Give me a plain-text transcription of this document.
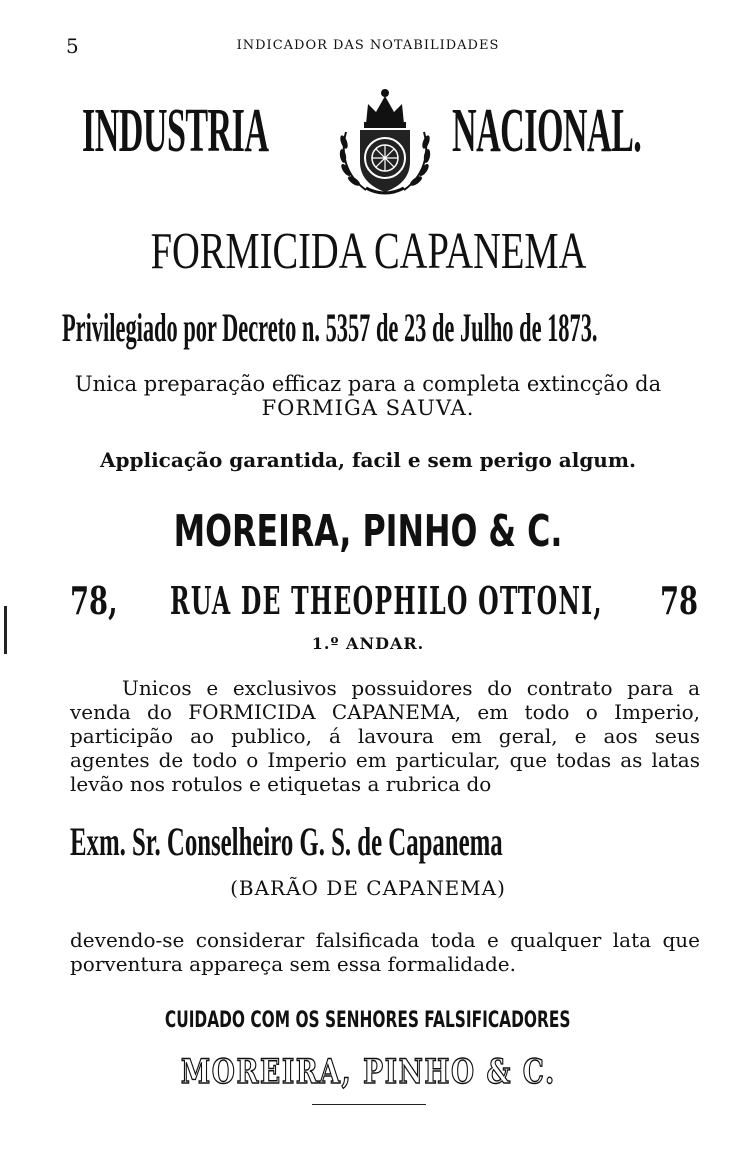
5	INDICADOR DAS NOTABILIDADES
INDUSTRIA	NACIONAL.
FORMICIDA CAPANEMA
Privilegiado por Decreto n. 5357 de 23 de Julho de 1873.
Unica preparação efficaz para a completa extincção da
FORMIGA SAUVA.
Applicação garantida, facil e sem perigo algum.
MOREIRA, PINHO & C.
78, RUA DE THEOPHILO OTTONI, 78
1.º ANDAR.
Unicos e exclusivos possuidores do contrato para a
venda do FORMICIDA CAPANEMA, em todo o Imperio,
participão ao publico, á lavoura em geral, e aos seus
agentes de todo o Imperio em particular, que todas as latas
levão nos rotulos e etiquetas a rubrica do
Exm. Sr. Conselheiro G. S. de Capanema
(BARÃO DE CAPANEMA)
devendo-se considerar falsificada toda e qualquer lata que
porventura appareça sem essa formalidade.
CUIDADO COM OS SENHORES FALSIFICADORES
MOREIRA, PINHO & C.
